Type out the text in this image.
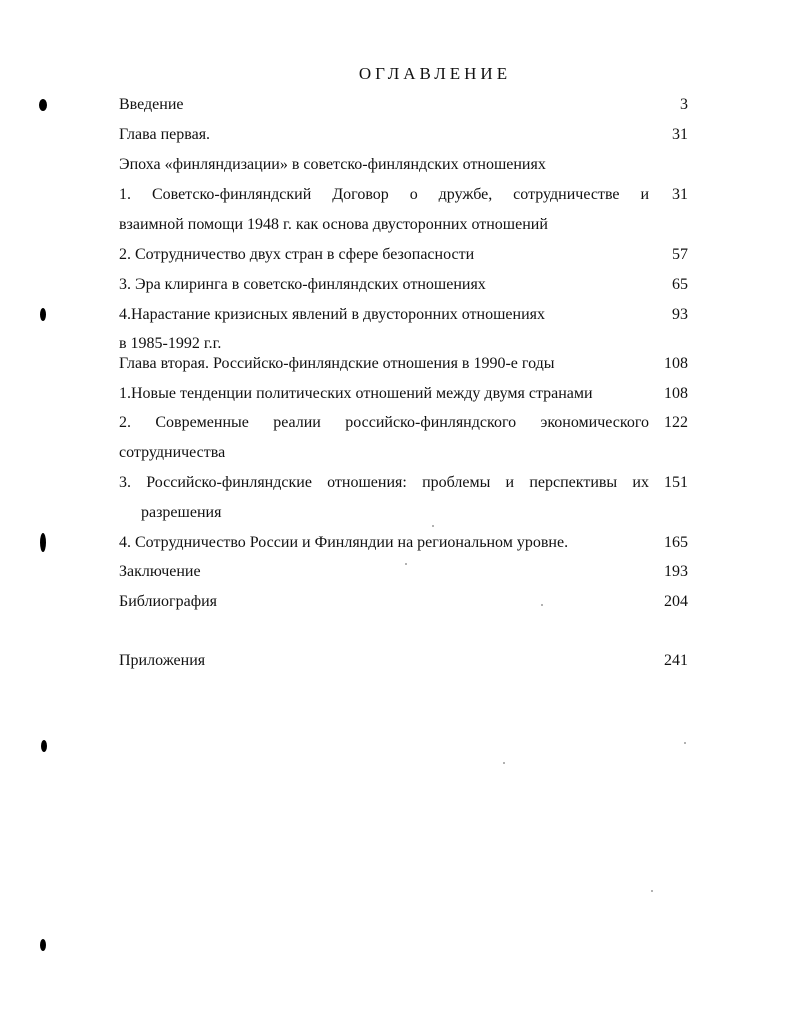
ОГЛАВЛЕНИЕ
Введение	3
Глава первая.	31
Эпоха «финляндизации» в советско-финляндских отношениях
1. Советско-финляндский Договор о дружбе, сотрудничестве и	31
взаимной помощи 1948 г. как основа двусторонних отношений
2. Сотрудничество двух стран в сфере безопасности	57
3. Эра клиринга в советско-финляндских отношениях	65
4.Нарастание кризисных явлений в двусторонних отношениях	93
в 1985-1992 г.г.
Глава вторая. Российско-финляндские отношения в 1990-е годы	108
1.Новые тенденции политических отношений между двумя странами	108
2. Современные реалии российско-финляндского экономического 122
сотрудничества
3. Российско-финляндские отношения: проблемы и перспективы их 151
разрешения
4. Сотрудничество России и Финляндии на региональном уровне.	165
Заключение	193
Библиография	204
Приложения	241
